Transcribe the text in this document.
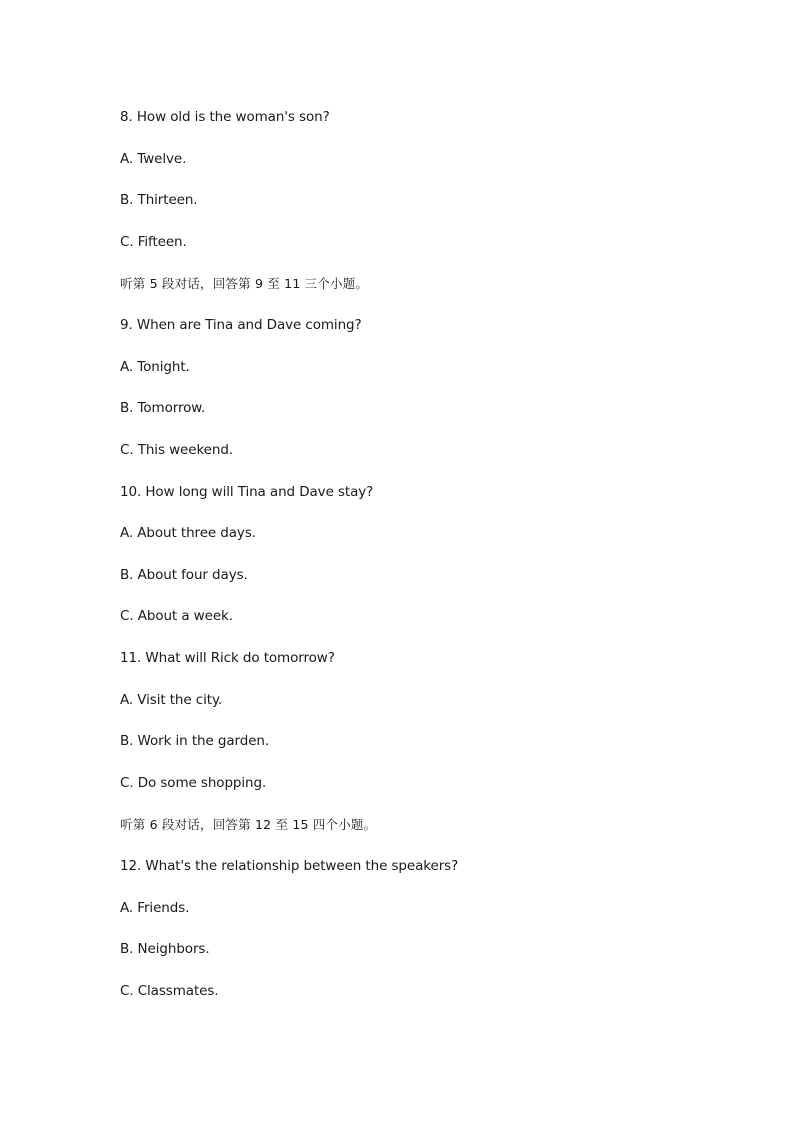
8. How old is the woman's son?
A. Twelve.
B. Thirteen.
C. Fifteen.
听第 5 段对话，回答第 9 至 11 三个小题。
9. When are Tina and Dave coming?
A. Tonight.
B. Tomorrow.
C. This weekend.
10. How long will Tina and Dave stay?
A. About three days.
B. About four days.
C. About a week.
11. What will Rick do tomorrow?
A. Visit the city.
B. Work in the garden.
C. Do some shopping.
听第 6 段对话，回答第 12 至 15 四个小题。
12. What's the relationship between the speakers?
A. Friends.
B. Neighbors.
C. Classmates.
